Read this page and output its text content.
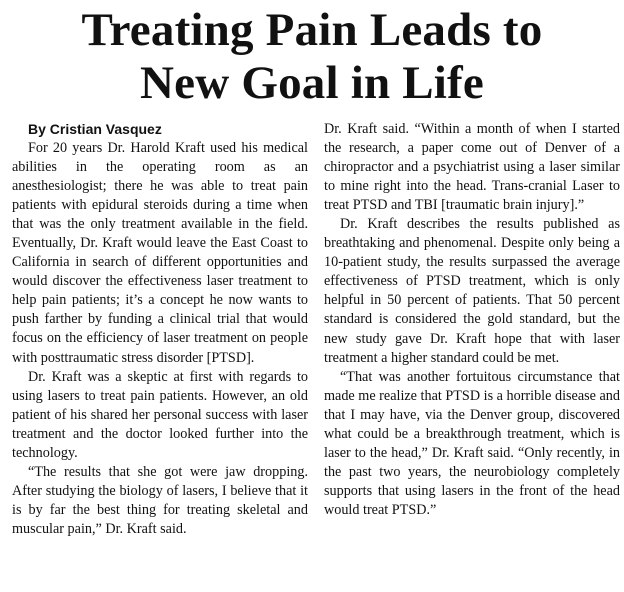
Treating Pain Leads to
New Goal in Life

By Cristian Vasquez

For 20 years Dr. Harold Kraft used his medical abilities in the operating room as an anesthesiologist; there he was able to treat pain patients with epidural steroids during a time when that was the only treatment available in the field. Eventually, Dr. Kraft would leave the East Coast to California in search of different opportunities and would discover the effectiveness laser treatment to help pain patients; it’s a concept he now wants to push farther by funding a clinical trial that would focus on the efficiency of laser treatment on people with posttraumatic stress disorder [PTSD].

Dr. Kraft was a skeptic at first with regards to using lasers to treat pain patients. However, an old patient of his shared her personal success with laser treatment and the doctor looked further into the technology.

“The results that she got were jaw dropping. After studying the biology of lasers, I believe that it is by far the best thing for treating skeletal and muscular pain,” Dr. Kraft said.

Dr. Kraft said. “Within a month of when I started the research, a paper come out of Denver of a chiropractor and a psychiatrist using a laser similar to mine right into the head. Trans-cranial Laser to treat PTSD and TBI [traumatic brain injury].”

Dr. Kraft describes the results published as breathtaking and phenomenal. Despite only being a 10-patient study, the results surpassed the average effectiveness of PTSD treatment, which is only helpful in 50 percent of patients. That 50 percent standard is considered the gold standard, but the new study gave Dr. Kraft hope that with laser treatment a higher standard could be met.

“That was another fortuitous circumstance that made me realize that PTSD is a horrible disease and that I may have, via the Denver group, discovered what could be a breakthrough treatment, which is laser to the head,” Dr. Kraft said. “Only recently, in the past two years, the neurobiology completely supports that using lasers in the front of the head would treat PTSD.”
